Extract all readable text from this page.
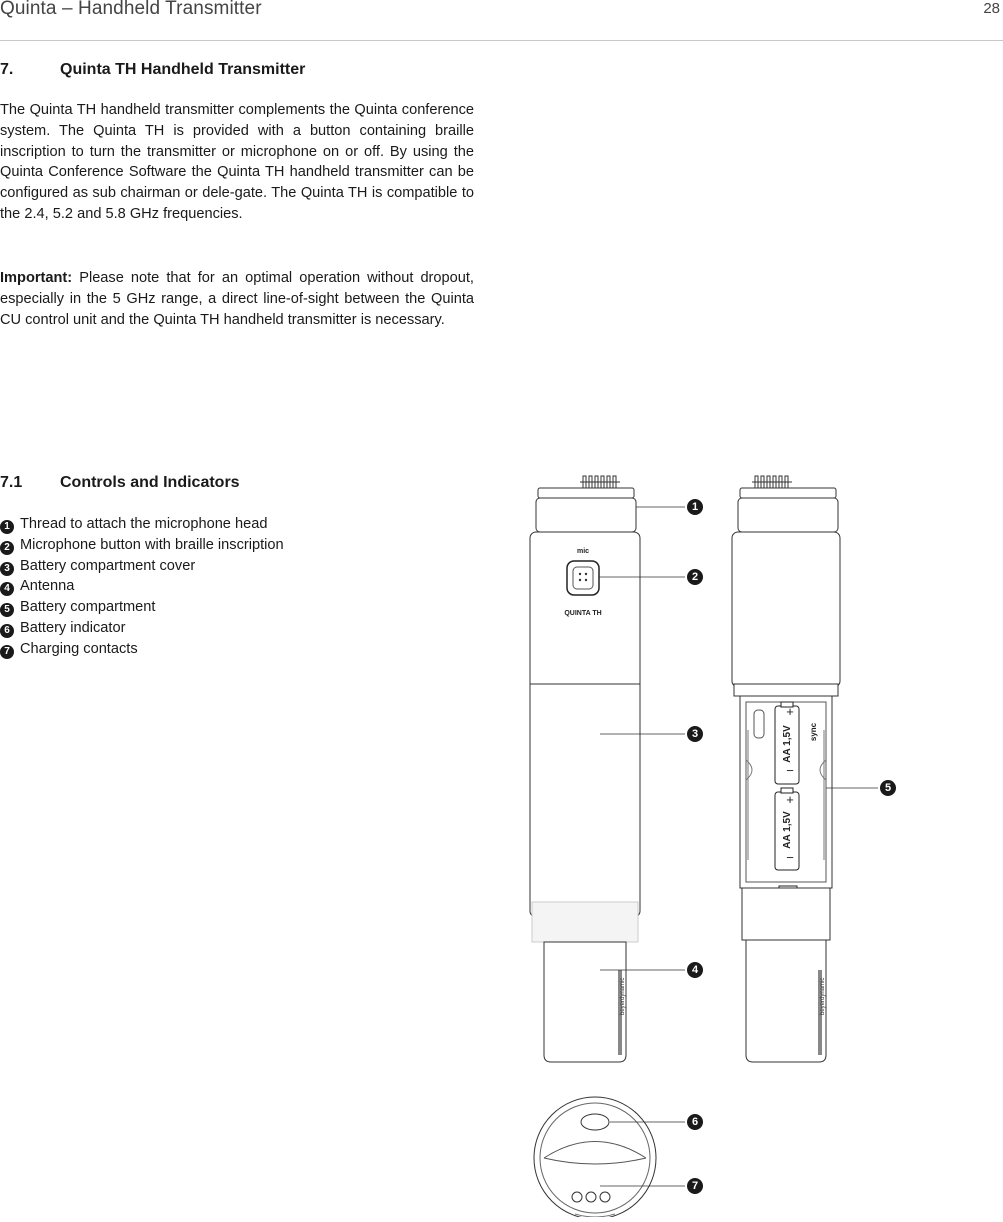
Quinta – Handheld Transmitter	28
7.	Quinta TH Handheld Transmitter

The Quinta TH handheld transmitter complements the Quinta conference system. The Quinta TH is provided with a button containing braille inscription to turn the transmitter or microphone on or off. By using the Quinta Conference Software the Quinta TH handheld transmitter can be configured as sub chairman or dele-gate. The Quinta TH is compatible to the 2.4, 5.2 and 5.8 GHz frequencies.

Important: Please note that for an optimal operation without dropout, especially in the 5 GHz range, a direct line-of-sight between the Quinta CU control unit and the Quinta TH handheld transmitter is necessary.

7.1 Controls and Indicators
1 Thread to attach the microphone head
2 Microphone button with braille inscription
3 Battery compartment cover
4 Antenna
5 Battery compartment
6 Battery indicator
7 Charging contacts
beyerdynamic
mic
QUINTA TH
AA 1,5V
+
−
AA 1,5V
+
−
sync
beyerdynamic
1
2
3
4
5
6
7
